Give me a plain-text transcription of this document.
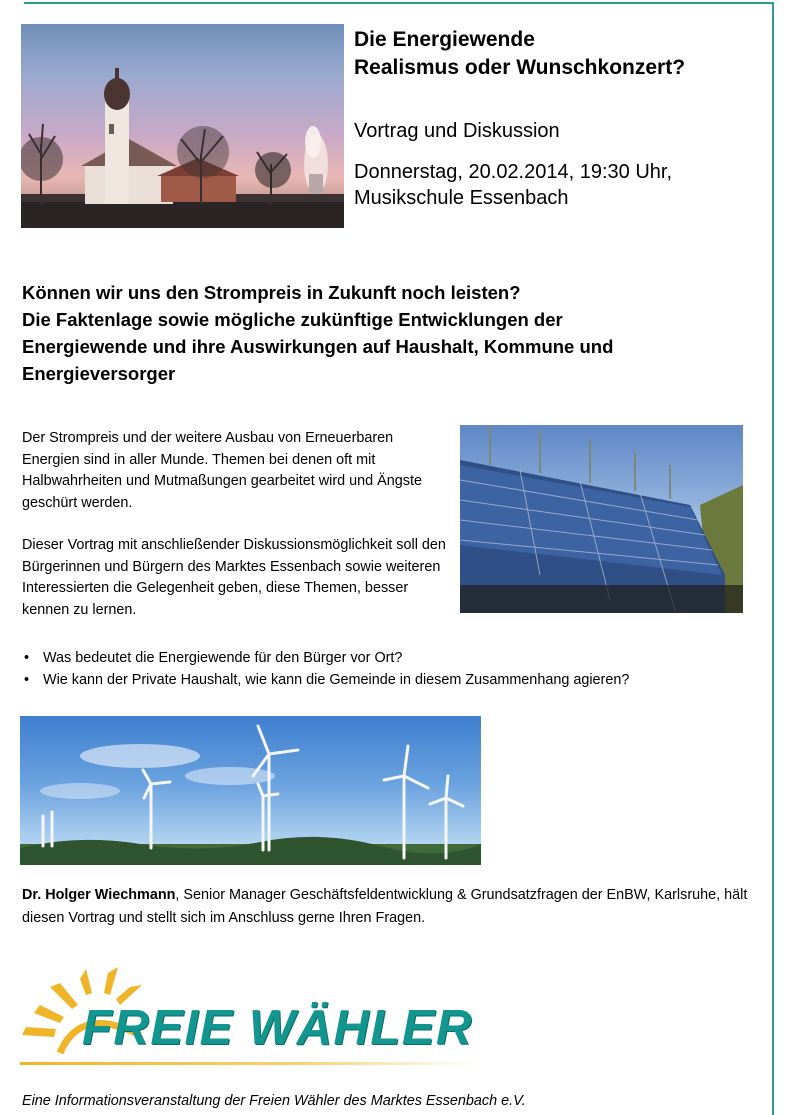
Die Energiewende
Realismus oder Wunschkonzert?
Vortrag und Diskussion
Donnerstag, 20.02.2014, 19:30 Uhr,
Musikschule Essenbach
Können wir uns den Strompreis in Zukunft noch leisten?
Die Faktenlage sowie mögliche zukünftige Entwicklungen der
Energiewende und ihre Auswirkungen auf Haushalt, Kommune und
Energieversorger

Der Strompreis und der weitere Ausbau von Erneuerbaren Energien sind in aller Munde. Themen bei denen oft mit Halbwahrheiten und Mutmaßungen gearbeitet wird und Ängste geschürt werden.

Dieser Vortrag mit anschließender Diskussionsmöglichkeit soll den Bürgerinnen und Bürgern des Marktes Essenbach sowie weiteren Interessierten die Gelegenheit geben, diese Themen, besser kennen zu lernen.

• Was bedeutet die Energiewende für den Bürger vor Ort?
• Wie kann der Private Haushalt, wie kann die Gemeinde in diesem Zusammenhang agieren?
Dr. Holger Wiechmann, Senior Manager Geschäftsfeldentwicklung & Grundsatzfragen der EnBW, Karlsruhe, hält diesen Vortrag und stellt sich im Anschluss gerne Ihren Fragen.
FREIE WÄHLER
Eine Informationsveranstaltung der Freien Wähler des Marktes Essenbach e.V.
